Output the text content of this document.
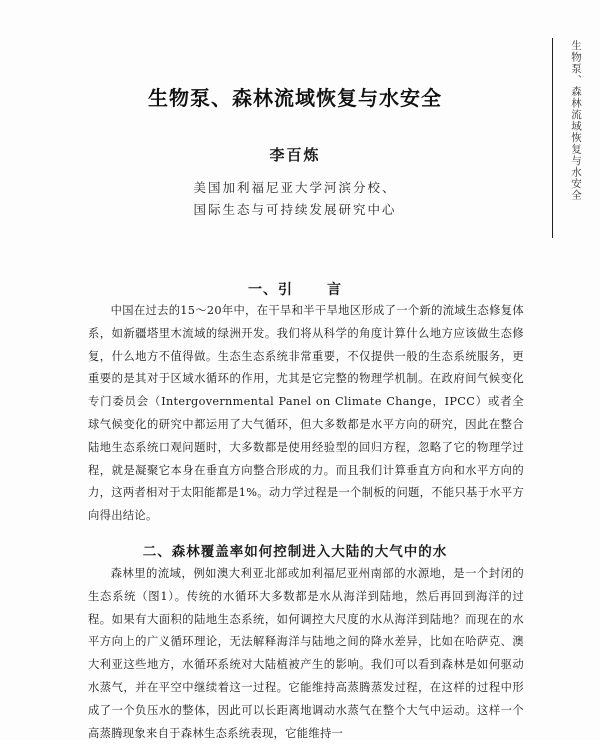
生物泵、森林流域恢复与水安全
生物泵、森林流域恢复与水安全
李百炼
美国加利福尼亚大学河滨分校、
国际生态与可持续发展研究中心
一、引 言
中国在过去的15～20年中，在干旱和半干旱地区形成了一个新的流域生态修复体系，如新疆塔里木流域的绿洲开发。我们将从科学的角度计算什么地方应该做生态修复，什么地方不值得做。生态生态系统非常重要，不仅提供一般的生态系统服务，更重要的是其对于区域水循环的作用，尤其是它完整的物理学机制。在政府间气候变化专门委员会（Intergovernmental Panel on Climate Change，IPCC）或者全球气候变化的研究中都运用了大气循环，但大多数都是水平方向的研究，因此在整合陆地生态系统口观问题时，大多数都是使用经验型的回归方程，忽略了它的物理学过程，就是凝聚它本身在垂直方向整合形成的力。而且我们计算垂直方向和水平方向的力，这两者相对于太阳能都是1%。动力学过程是一个制板的问题，不能只基于水平方向得出结论。
二、森林覆盖率如何控制进入大陆的大气中的水
森林里的流域，例如澳大利亚北部或加利福尼亚州南部的水源地，是一个封闭的生态系统（图1）。传统的水循环大多数都是水从海洋到陆地，然后再回到海洋的过程。如果有大面积的陆地生态系统，如何调控大尺度的水从海洋到陆地？而现在的水平方向上的广义循环理论，无法解释海洋与陆地之间的降水差异，比如在哈萨克、澳大利亚这些地方，水循环系统对大陆植被产生的影响。我们可以看到森林是如何驱动水蒸气，并在平空中继续着这一过程。它能维持高蒸腾蒸发过程，在这样的过程中形成了一个负压水的整体，因此可以长距离地调动水蒸气在整个大气中运动。这样一个高蒸腾现象来自于森林生态系统表现，它能维持一
